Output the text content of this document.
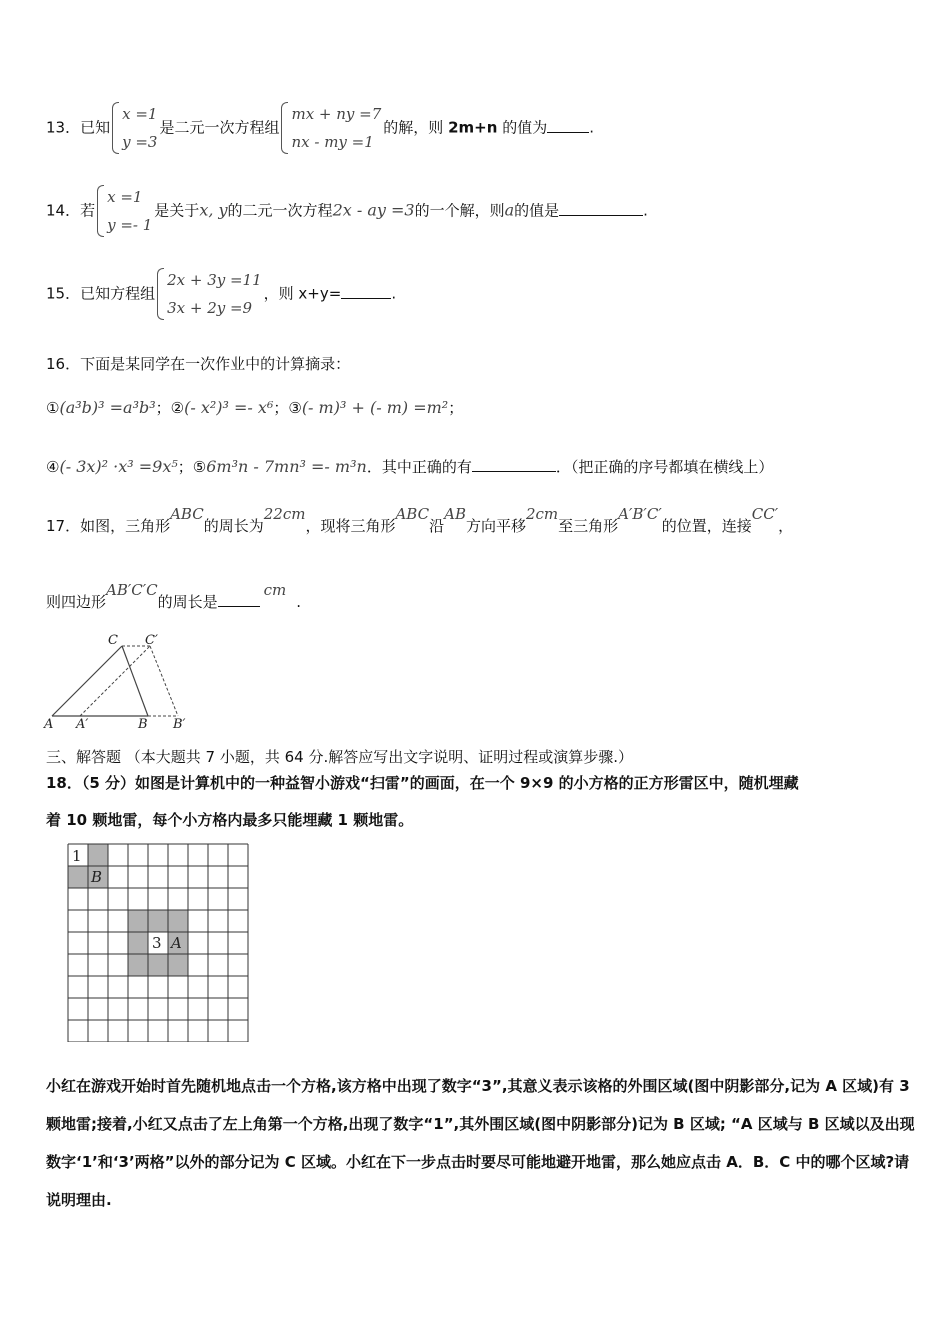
13．已知
x =1
y =3
是二元一次方程组
mx + ny =7
nx - my =1
的解，则 2m+n 的值为	.
14．若
x =1
y =- 1
是关于x, y的二元一次方程2x - ay =3的一个解，则a的值是	.
15．已知方程组
2x + 3y =11
3x + 2y =9
，则 x+y=	.
16．下面是某同学在一次作业中的计算摘录：
①(a³b)³ =a³b³；②(- x²)³ =- x⁶；③(- m)³ + (- m) =m²；
④(- 3x)² ·x³ =9x⁵；⑤6m³n - 7mn³ =- m³n．其中正确的有	．（把正确的序号都填在横线上）
17．如图，三角形ABC的周长为22cm，现将三角形ABC沿AB方向平移2cm至三角形A′B′C′的位置，连接CC′，
则四边形AB′C′C的周长是cm.
C C′
A A′	B B′
三、解答题 （本大题共 7 小题，共 64 分.解答应写出文字说明、证明过程或演算步骤.）
18．（5 分）如图是计算机中的一种益智小游戏“扫雷”的画面，在一个 9×9 的小方格的正方形雷区中，随机埋藏
着 10 颗地雷，每个小方格内最多只能埋藏 1 颗地雷。
1
B
3 A
小红在游戏开始时首先随机地点击一个方格,该方格中出现了数字“3”,其意义表示该格的外围区域(图中阴影部分,记为 A 区域)有 3 颗地雷;接着,小红又点击了左上角第一个方格,出现了数字“1”,其外围区域(图中阴影部分)记为 B 区域; “A 区域与 B 区域以及出现数字‘1’和‘3’两格”以外的部分记为 C 区域。小红在下一步点击时要尽可能地避开地雷，那么她应点击 A．B．C 中的哪个区域?请说明理由.
